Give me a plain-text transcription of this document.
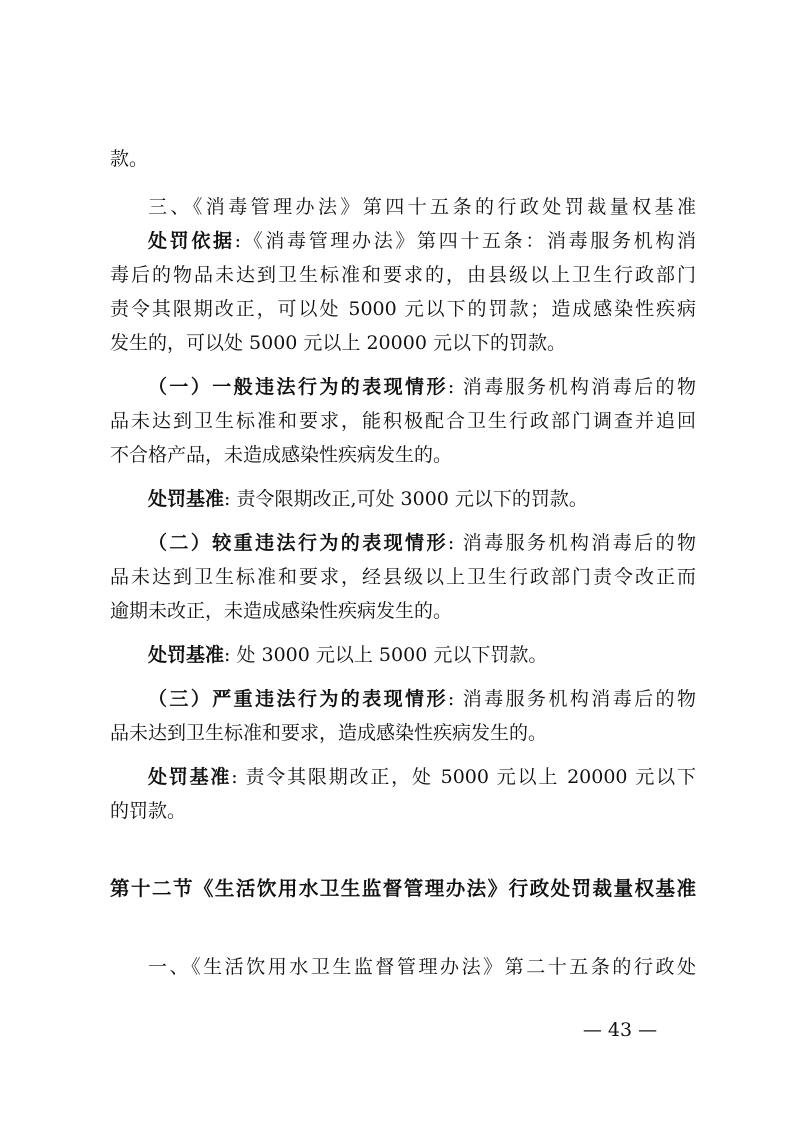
款。
三、《消毒管理办法》第四十五条的行政处罚裁量权基准
处罚依据:《消毒管理办法》第四十五条：消毒服务机构消
毒后的物品未达到卫生标准和要求的，由县级以上卫生行政部门
责令其限期改正，可以处 5000 元以下的罚款；造成感染性疾病
发生的，可以处 5000 元以上 20000 元以下的罚款。
（一）一般违法行为的表现情形: 消毒服务机构消毒后的物
品未达到卫生标准和要求，能积极配合卫生行政部门调查并追回
不合格产品，未造成感染性疾病发生的。
处罚基准: 责令限期改正,可处 3000 元以下的罚款。
（二）较重违法行为的表现情形: 消毒服务机构消毒后的物
品未达到卫生标准和要求，经县级以上卫生行政部门责令改正而
逾期未改正，未造成感染性疾病发生的。
处罚基准: 处 3000 元以上 5000 元以下罚款。
（三）严重违法行为的表现情形: 消毒服务机构消毒后的物
品未达到卫生标准和要求，造成感染性疾病发生的。
处罚基准: 责令其限期改正，处 5000 元以上 20000 元以下
的罚款。
第十二节《生活饮用水卫生监督管理办法》行政处罚裁量权基准
一、《生活饮用水卫生监督管理办法》第二十五条的行政处
— 43 —
